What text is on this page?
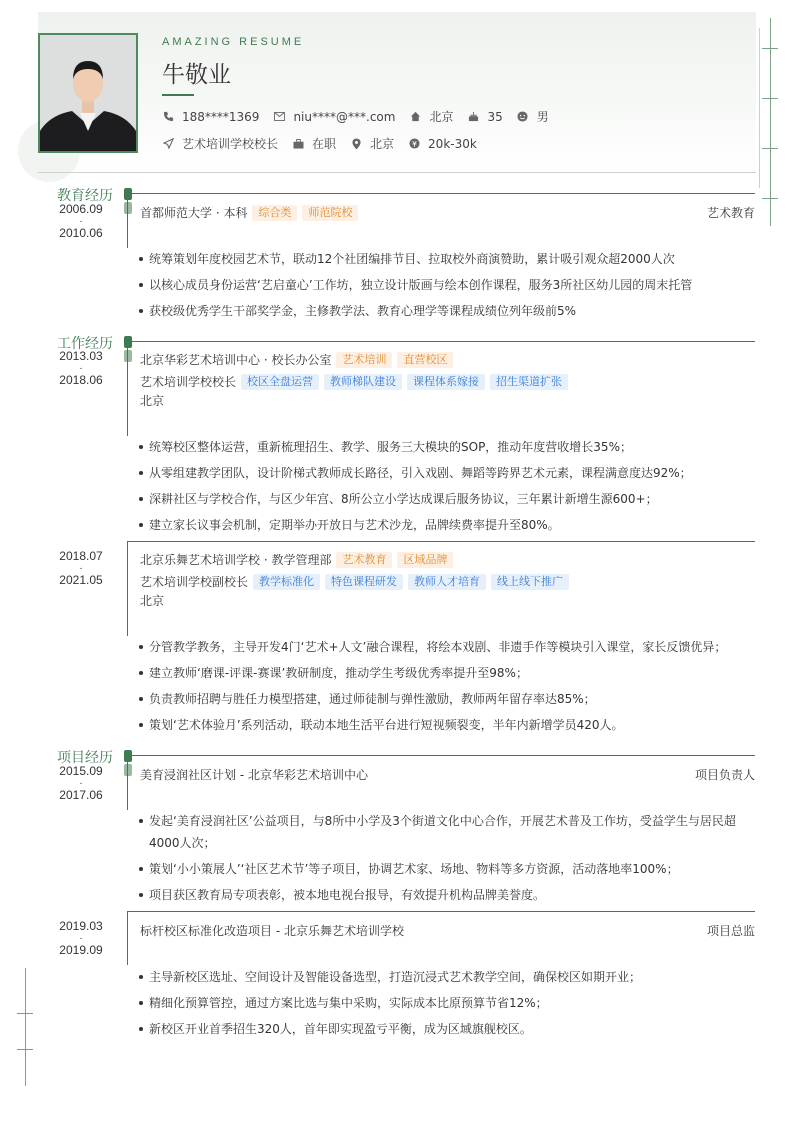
AMAZING RESUME
牛敬业
188****1369	niu****@***.com	北京	35	男
艺术培训学校校长	在职	北京	20k-30k
教育经历
2006.09
-
2010.06
首都师范大学 · 本科	综合类	师范院校	艺术教育
统筹策划年度校园艺术节，联动12个社团编排节目、拉取校外商演赞助，累计吸引观众超2000人次
以核心成员身份运营‘艺启童心’工作坊，独立设计版画与绘本创作课程，服务3所社区幼儿园的周末托管
获校级优秀学生干部奖学金，主修教学法、教育心理学等课程成绩位列年级前5%
工作经历
2013.03
-
2018.06
北京华彩艺术培训中心 · 校长办公室	艺术培训	直营校区
艺术培训学校校长	校区全盘运营	教师梯队建设	课程体系嫁接	招生渠道扩张
北京
统筹校区整体运营，重新梳理招生、教学、服务三大模块的SOP，推动年度营收增长35%；
从零组建教学团队，设计阶梯式教师成长路径，引入戏剧、舞蹈等跨界艺术元素，课程满意度达92%；
深耕社区与学校合作，与区少年宫、8所公立小学达成课后服务协议，三年累计新增生源600+；
建立家长议事会机制，定期举办开放日与艺术沙龙，品牌续费率提升至80%。
2018.07
-
2021.05
北京乐舞艺术培训学校 · 教学管理部	艺术教育	区域品牌
艺术培训学校副校长	教学标准化	特色课程研发	教师人才培育	线上线下推广
北京
分管教学教务，主导开发4门‘艺术+人文’融合课程，将绘本戏剧、非遗手作等模块引入课堂，家长反馈优异；
建立教师‘磨课-评课-赛课’教研制度，推动学生考级优秀率提升至98%；
负责教师招聘与胜任力模型搭建，通过师徒制与弹性激励，教师两年留存率达85%；
策划‘艺术体验月’系列活动，联动本地生活平台进行短视频裂变，半年内新增学员420人。
项目经历
2015.09
-
2017.06
美育浸润社区计划 - 北京华彩艺术培训中心	项目负责人
发起‘美育浸润社区’公益项目，与8所中小学及3个街道文化中心合作，开展艺术普及工作坊，受益学生与居民超4000人次；
策划‘小小策展人’‘社区艺术节’等子项目，协调艺术家、场地、物料等多方资源，活动落地率100%；
项目获区教育局专项表彰，被本地电视台报导，有效提升机构品牌美誉度。
2019.03
-
2019.09
标杆校区标准化改造项目 - 北京乐舞艺术培训学校	项目总监
主导新校区选址、空间设计及智能设备选型，打造沉浸式艺术教学空间，确保校区如期开业；
精细化预算管控，通过方案比选与集中采购，实际成本比原预算节省12%；
新校区开业首季招生320人，首年即实现盈亏平衡，成为区域旗舰校区。
